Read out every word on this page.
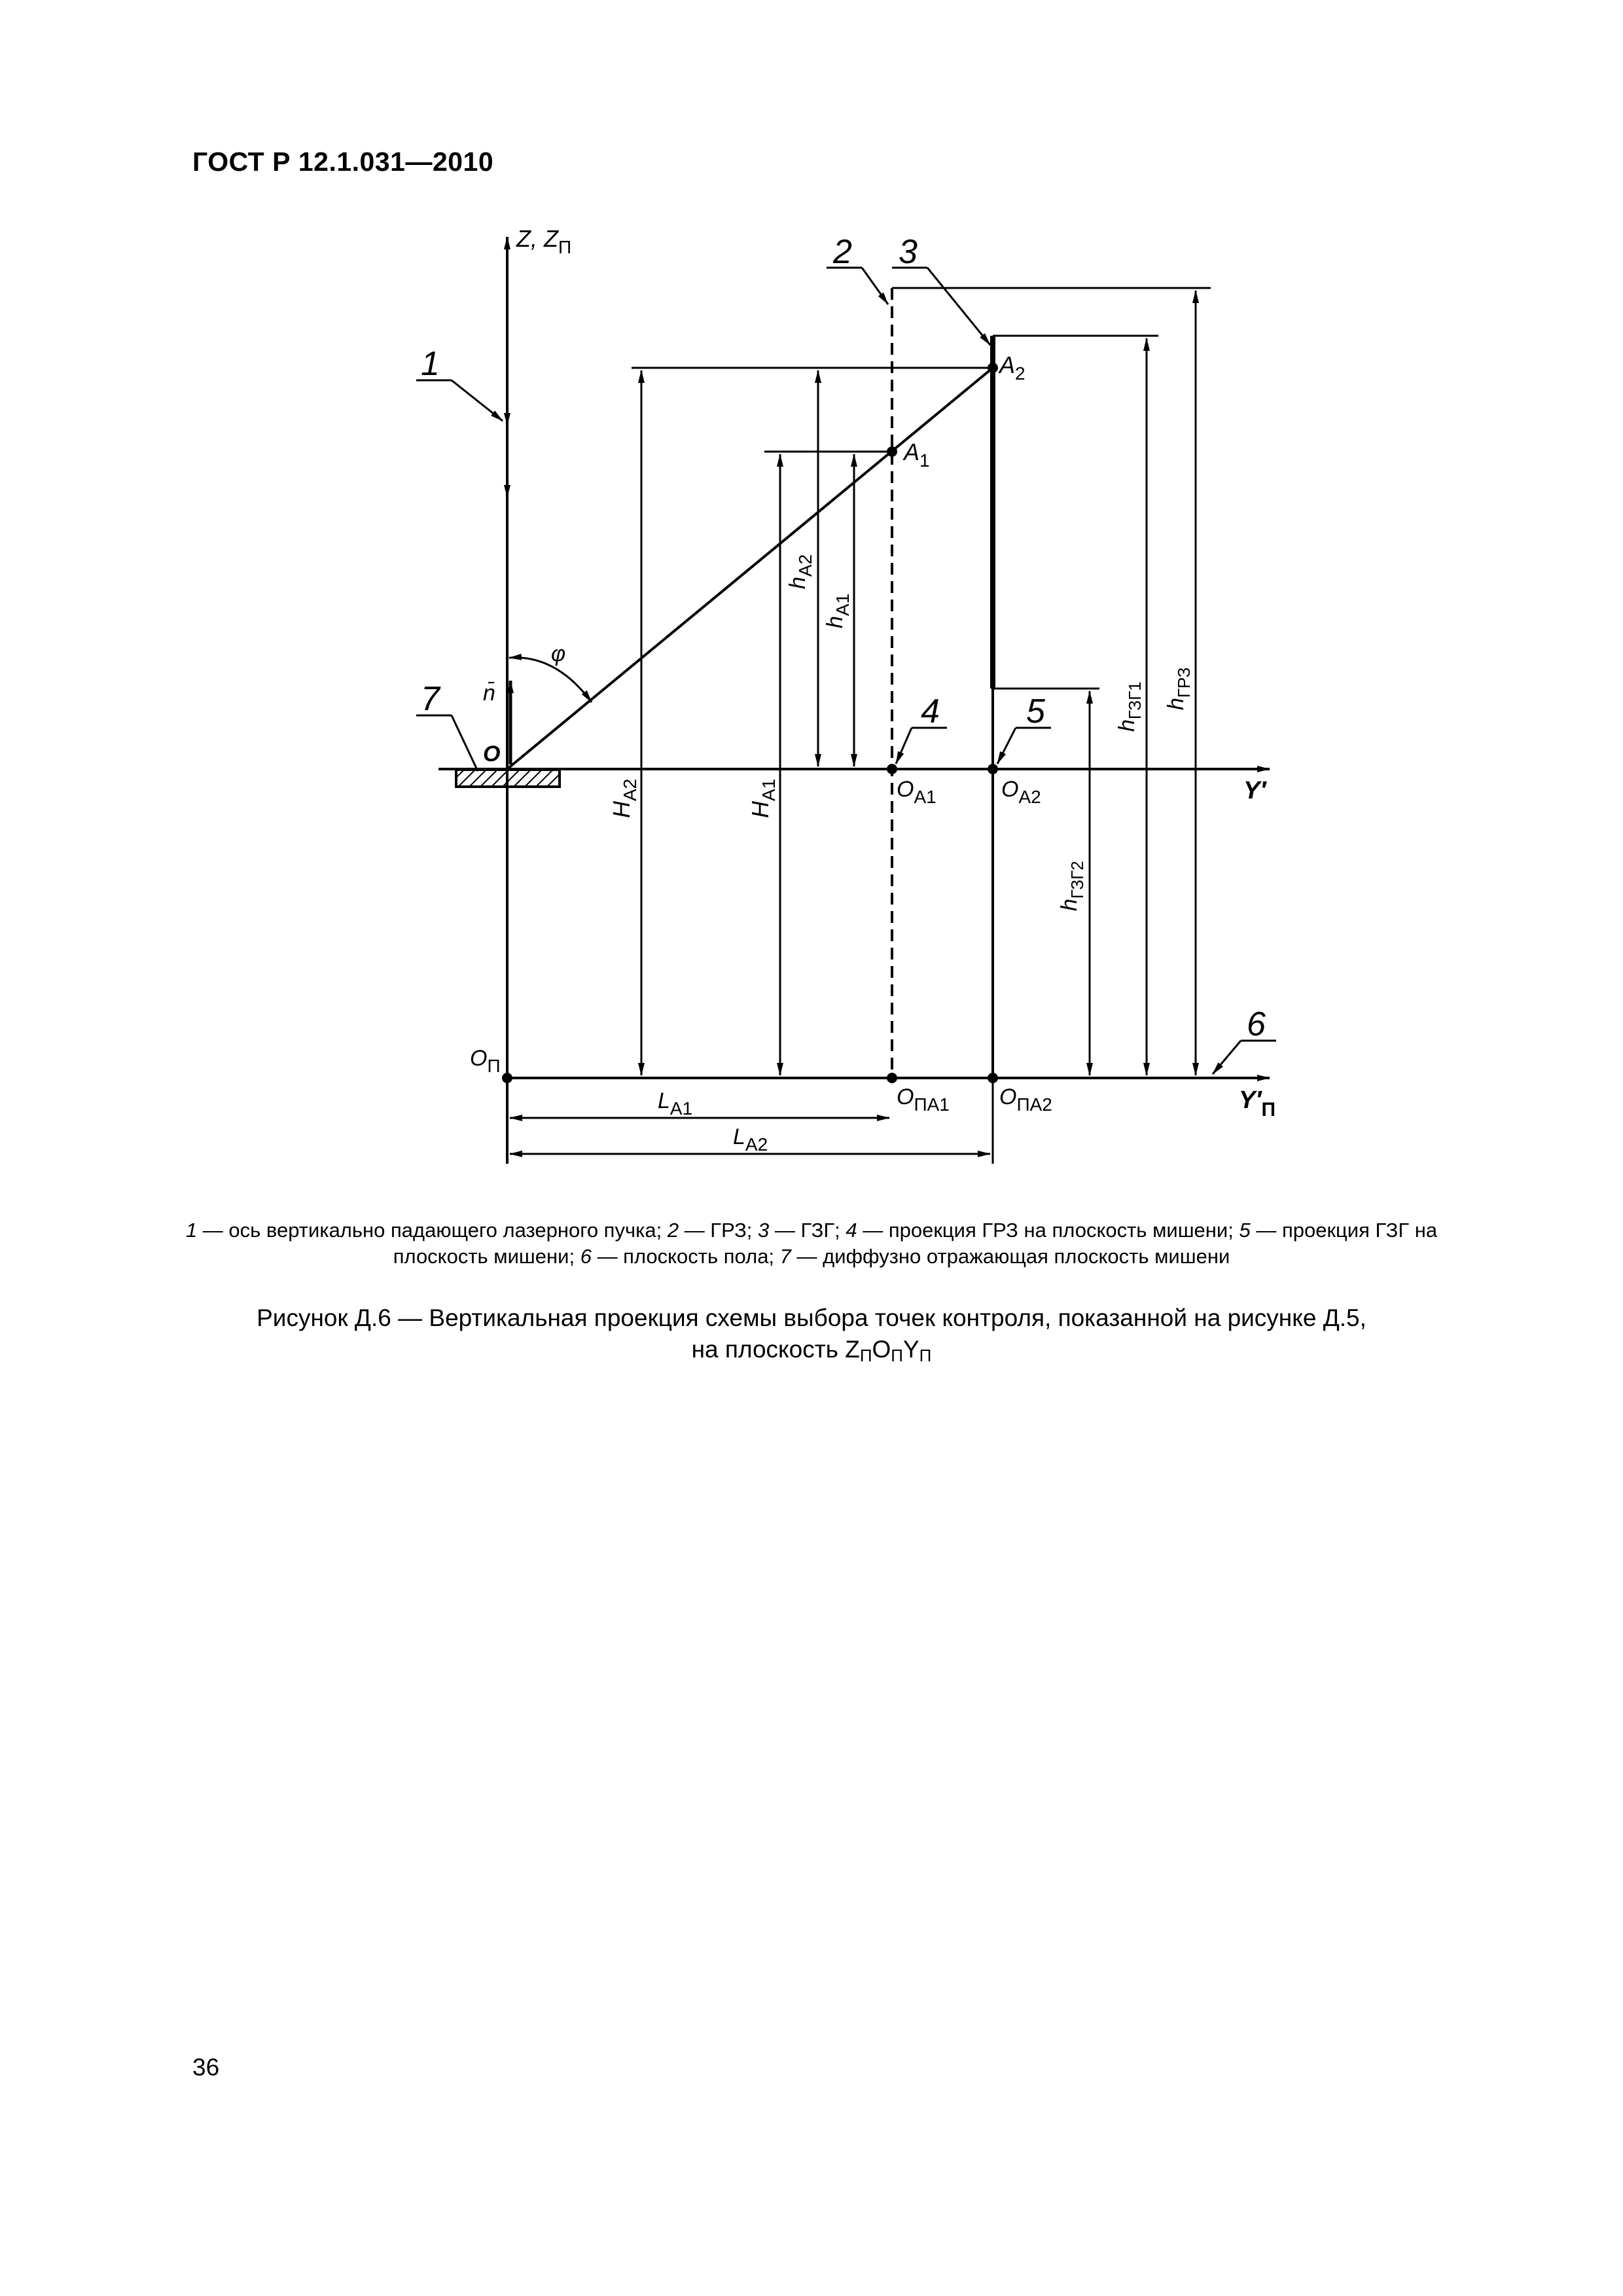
ГОСТ Р 12.1.031—2010
1
2 3
4	5
6
7
Z, $Z_П$
Y′
$Y'_П$
O
n̄
φ
$A_2$
$A_1$
$O_{A1}$	$O_{A2}$
$O_П$
$O_{ПА1}$ $O_{ПА2}$
$H_{A2}$
$H_{A1}$
$h_{A2}$
$h_{A1}$
$h_{ГЗГ2}$
$h_{ГЗГ1}$ $h_{ГРЗ}$
$L_{A1}$
$L_{A2}$
1 — ось вертикально падающего лазерного пучка; 2 — ГРЗ; 3 — ГЗГ; 4 — проекция ГРЗ на плоскость мишени; 5 — проекция ГЗГ на плоскость мишени; 6 — плоскость пола; 7 — диффузно отражающая плоскость мишени
Рисунок Д.6 — Вертикальная проекция схемы выбора точек контроля, показанной на рисунке Д.5,
на плоскость $Z_ПO_ПY_П$
36
